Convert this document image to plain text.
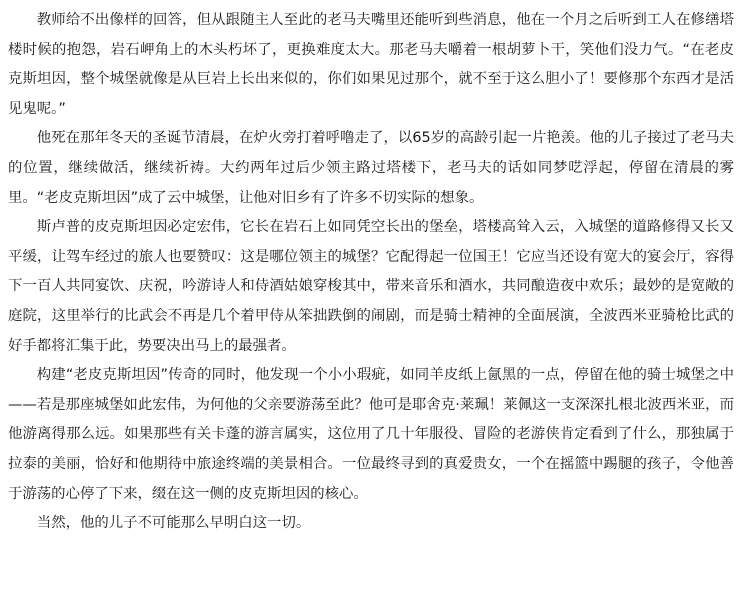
教师给不出像样的回答，但从跟随主人至此的老马夫嘴里还能听到些消息，他在一个月之后听到工人在修缮塔楼时候的抱怨，岩石岬角上的木头朽坏了，更换难度太大。那老马夫嚼着一根胡萝卜干，笑他们没力气。“在老皮克斯坦因，整个城堡就像是从巨岩上长出来似的，你们如果见过那个，就不至于这么胆小了！要修那个东西才是活见鬼呢。”

他死在那年冬天的圣诞节清晨，在炉火旁打着呼噜走了，以65岁的高龄引起一片艳羡。他的儿子接过了老马夫的位置，继续做活，继续祈祷。大约两年过后少领主路过塔楼下，老马夫的话如同梦呓浮起，停留在清晨的雾里。“老皮克斯坦因”成了云中城堡，让他对旧乡有了许多不切实际的想象。

斯卢普的皮克斯坦因必定宏伟，它长在岩石上如同凭空长出的堡垒，塔楼高耸入云，入城堡的道路修得又长又平缓，让驾车经过的旅人也要赞叹：这是哪位领主的城堡？它配得起一位国王！它应当还设有宽大的宴会厅，容得下一百人共同宴饮、庆祝，吟游诗人和侍酒姑娘穿梭其中，带来音乐和酒水，共同酿造夜中欢乐；最妙的是宽敞的庭院，这里举行的比武会不再是几个着甲侍从笨拙跌倒的闹剧，而是骑士精神的全面展演，全波西米亚骑枪比武的好手都将汇集于此，势要决出马上的最强者。

构建“老皮克斯坦因”传奇的同时，他发现一个小小瑕疵，如同羊皮纸上氤黑的一点，停留在他的骑士城堡之中——若是那座城堡如此宏伟，为何他的父亲要游荡至此？他可是耶舍克·莱珮！莱佩这一支深深扎根北波西米亚，而他游离得那么远。如果那些有关卡蓬的游言属实，这位用了几十年服役、冒险的老游侠肯定看到了什么，那独属于拉泰的美丽，恰好和他期待中旅途终端的美景相合。一位最终寻到的真爱贵女，一个在摇篮中踢腿的孩子，令他善于游荡的心停了下来，缀在这一侧的皮克斯坦因的核心。

当然，他的儿子不可能那么早明白这一切。
